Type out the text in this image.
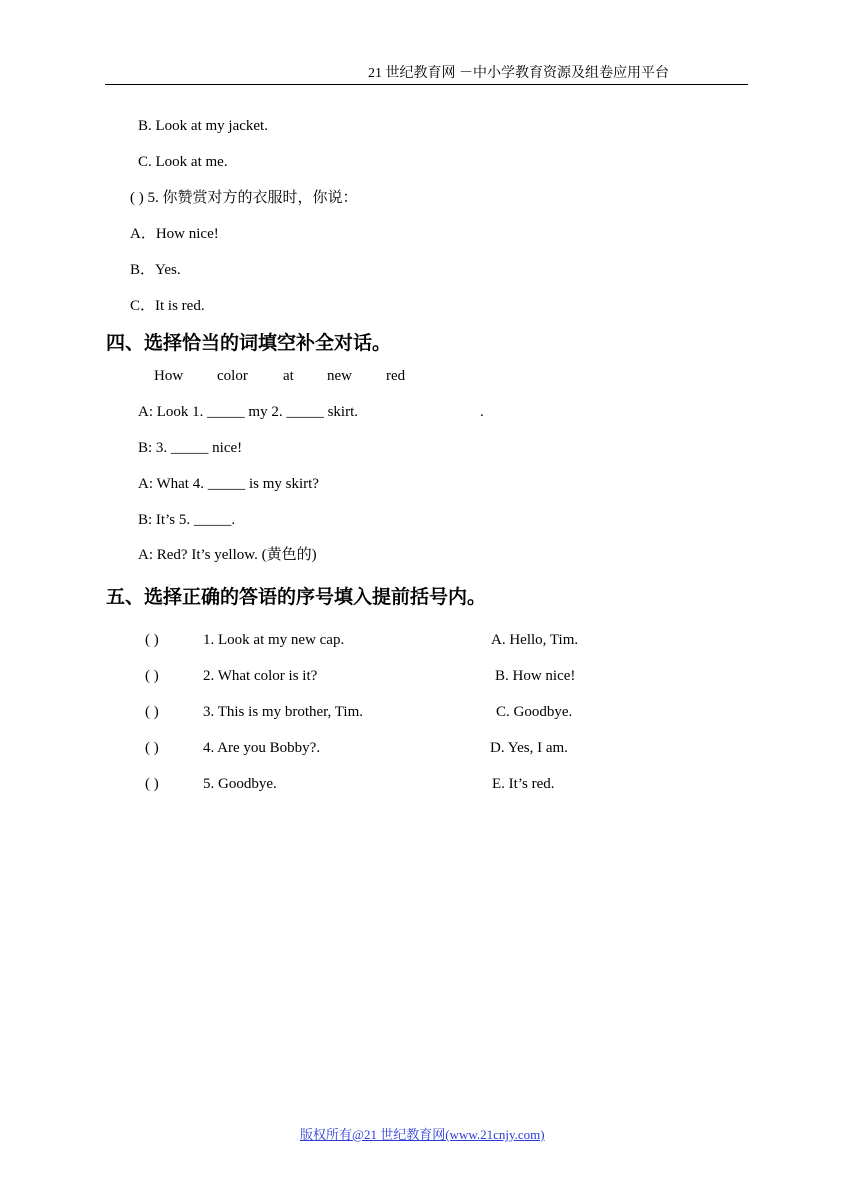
21 世纪教育网 －中小学教育资源及组卷应用平台
B. Look at my jacket.
C. Look at me.
( ) 5. 你赞赏对方的衣服时，你说：
A．How nice!
B．Yes.
C．It is red.
四、选择恰当的词填空补全对话。
How color at new red
A: Look 1. _____ my 2. _____ skirt.	.
B: 3. _____ nice!
A: What 4. _____ is my skirt?
B: It’s 5. _____.
A: Red? It’s yellow. (黄色的)
五、选择正确的答语的序号填入提前括号内。
( )	1. Look at my new cap.	A. Hello, Tim.
( )	2. What color is it?	B. How nice!
( )	3. This is my brother, Tim.	C. Goodbye.
( )	4. Are you Bobby?.	D. Yes, I am.
( )	5. Goodbye.	E. It’s red.
版权所有@21 世纪教育网(www.21cnjy.com)
